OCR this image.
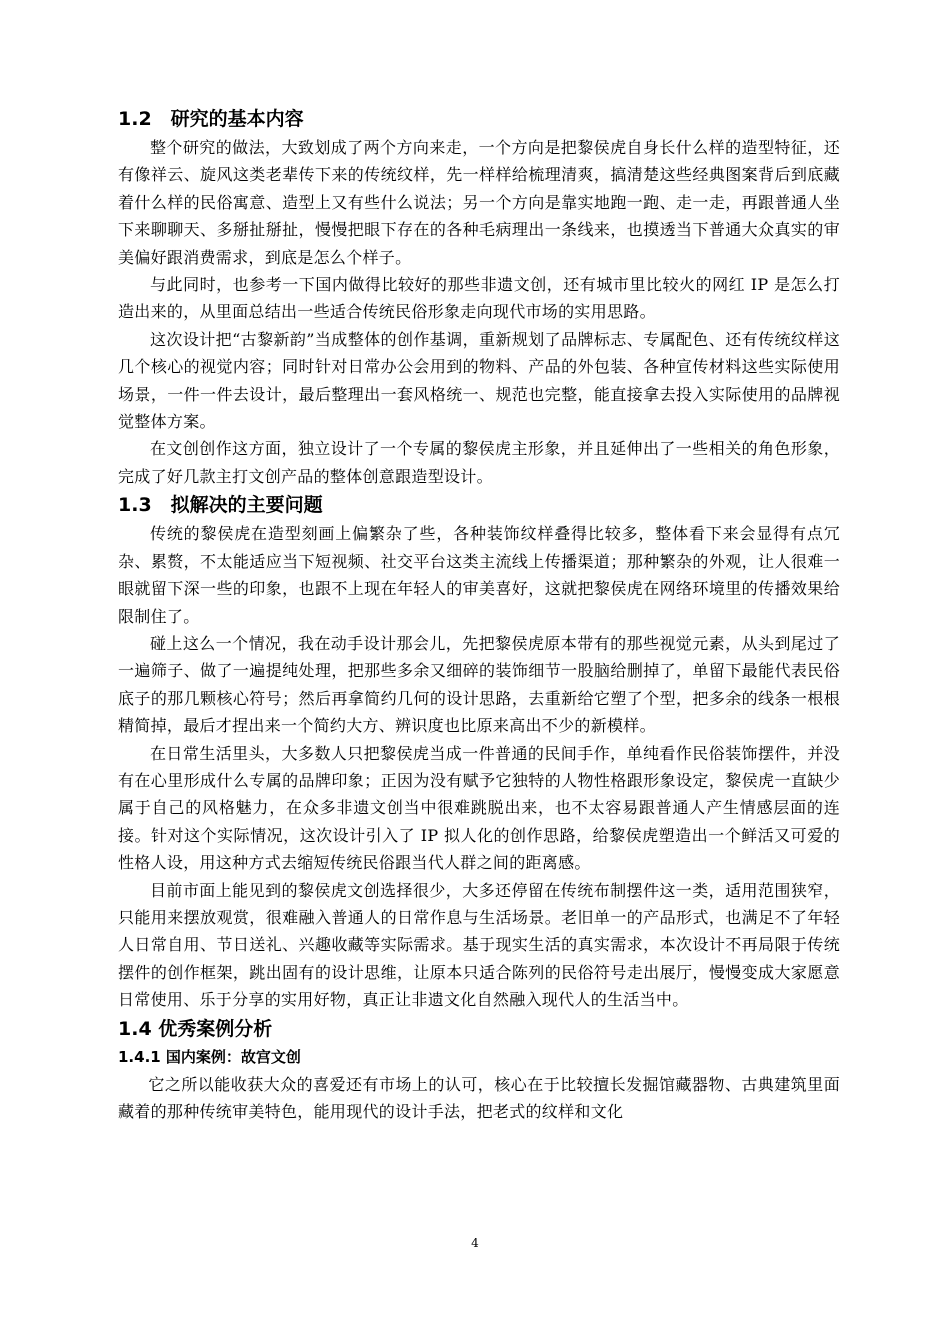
1.2　研究的基本内容

整个研究的做法，大致划成了两个方向来走，一个方向是把黎侯虎自身长什么样的造型特征，还有像祥云、旋风这类老辈传下来的传统纹样，先一样样给梳理清爽，搞清楚这些经典图案背后到底藏着什么样的民俗寓意、造型上又有些什么说法；另一个方向是靠实地跑一跑、走一走，再跟普通人坐下来聊聊天、多掰扯掰扯，慢慢把眼下存在的各种毛病理出一条线来，也摸透当下普通大众真实的审美偏好跟消费需求，到底是怎么个样子。

与此同时，也参考一下国内做得比较好的那些非遗文创，还有城市里比较火的网红 IP 是怎么打造出来的，从里面总结出一些适合传统民俗形象走向现代市场的实用思路。

这次设计把“古黎新韵”当成整体的创作基调，重新规划了品牌标志、专属配色、还有传统纹样这几个核心的视觉内容；同时针对日常办公会用到的物料、产品的外包装、各种宣传材料这些实际使用场景，一件一件去设计，最后整理出一套风格统一、规范也完整，能直接拿去投入实际使用的品牌视觉整体方案。

在文创创作这方面，独立设计了一个专属的黎侯虎主形象，并且延伸出了一些相关的角色形象，完成了好几款主打文创产品的整体创意跟造型设计。

1.3　拟解决的主要问题

传统的黎侯虎在造型刻画上偏繁杂了些，各种装饰纹样叠得比较多，整体看下来会显得有点冗杂、累赘，不太能适应当下短视频、社交平台这类主流线上传播渠道；那种繁杂的外观，让人很难一眼就留下深一些的印象，也跟不上现在年轻人的审美喜好，这就把黎侯虎在网络环境里的传播效果给限制住了。

碰上这么一个情况，我在动手设计那会儿，先把黎侯虎原本带有的那些视觉元素，从头到尾过了一遍筛子、做了一遍提纯处理，把那些多余又细碎的装饰细节一股脑给删掉了，单留下最能代表民俗底子的那几颗核心符号；然后再拿简约几何的设计思路，去重新给它塑了个型，把多余的线条一根根精简掉，最后才捏出来一个简约大方、辨识度也比原来高出不少的新模样。

在日常生活里头，大多数人只把黎侯虎当成一件普通的民间手作，单纯看作民俗装饰摆件，并没有在心里形成什么专属的品牌印象；正因为没有赋予它独特的人物性格跟形象设定，黎侯虎一直缺少属于自己的风格魅力，在众多非遗文创当中很难跳脱出来，也不太容易跟普通人产生情感层面的连接。针对这个实际情况，这次设计引入了 IP 拟人化的创作思路，给黎侯虎塑造出一个鲜活又可爱的性格人设，用这种方式去缩短传统民俗跟当代人群之间的距离感。

目前市面上能见到的黎侯虎文创选择很少，大多还停留在传统布制摆件这一类，适用范围狭窄，只能用来摆放观赏，很难融入普通人的日常作息与生活场景。老旧单一的产品形式，也满足不了年轻人日常自用、节日送礼、兴趣收藏等实际需求。基于现实生活的真实需求，本次设计不再局限于传统摆件的创作框架，跳出固有的设计思维，让原本只适合陈列的民俗符号走出展厅，慢慢变成大家愿意日常使用、乐于分享的实用好物，真正让非遗文化自然融入现代人的生活当中。

1.4 优秀案例分析
1.4.1 国内案例：故宫文创

它之所以能收获大众的喜爱还有市场上的认可，核心在于比较擅长发掘馆藏器物、古典建筑里面藏着的那种传统审美特色，能用现代的设计手法，把老式的纹样和文化

4
